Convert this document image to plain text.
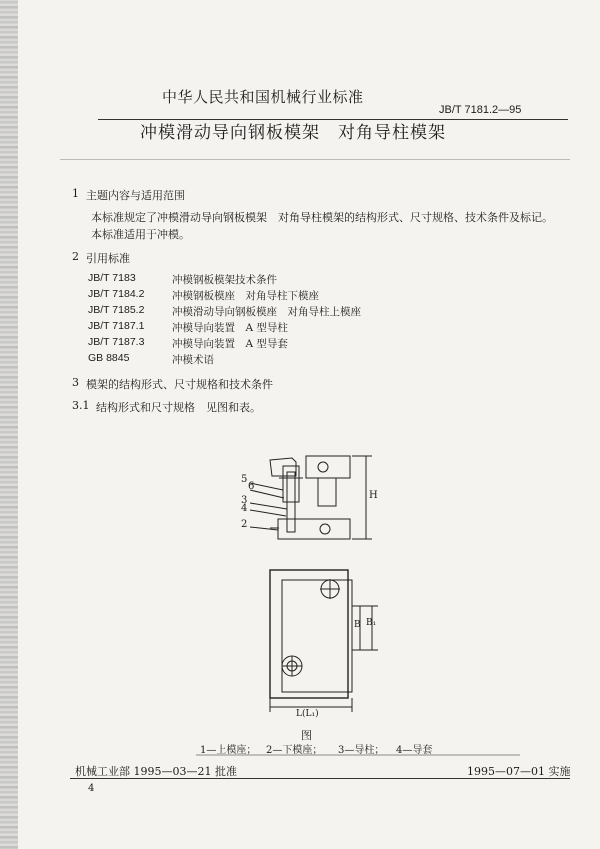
中华人民共和国机械行业标准
JB/T 7181.2—95
冲模滑动导向钢板模架　对角导柱模架
1 主题内容与适用范围
本标准规定了冲模滑动导向钢板模架　对角导柱模架的结构形式、尺寸规格、技术条件及标记。
本标准适用于冲模。
2 引用标准
JB/T 7183	冲模钢板模架技术条件
JB/T 7184.2	冲模钢板模座　对角导柱下模座
JB/T 7185.2	冲模滑动导向钢板模座　对角导柱上模座
JB/T 7187.1	冲模导向装置　A 型导柱
JB/T 7187.3	冲模导向装置　A 型导套
GB 8845	冲模术语
3 模架的结构形式、尺寸规格和技术条件
3.1 结构形式和尺寸规格　见图和表。
5
6
3
4
2
H
B B₁
L(L₁)
图
1—上模座； 2—下模座； 3—导柱； 4—导套
机械工业部 1995—03—21 批准	1995—07—01 实施
4
